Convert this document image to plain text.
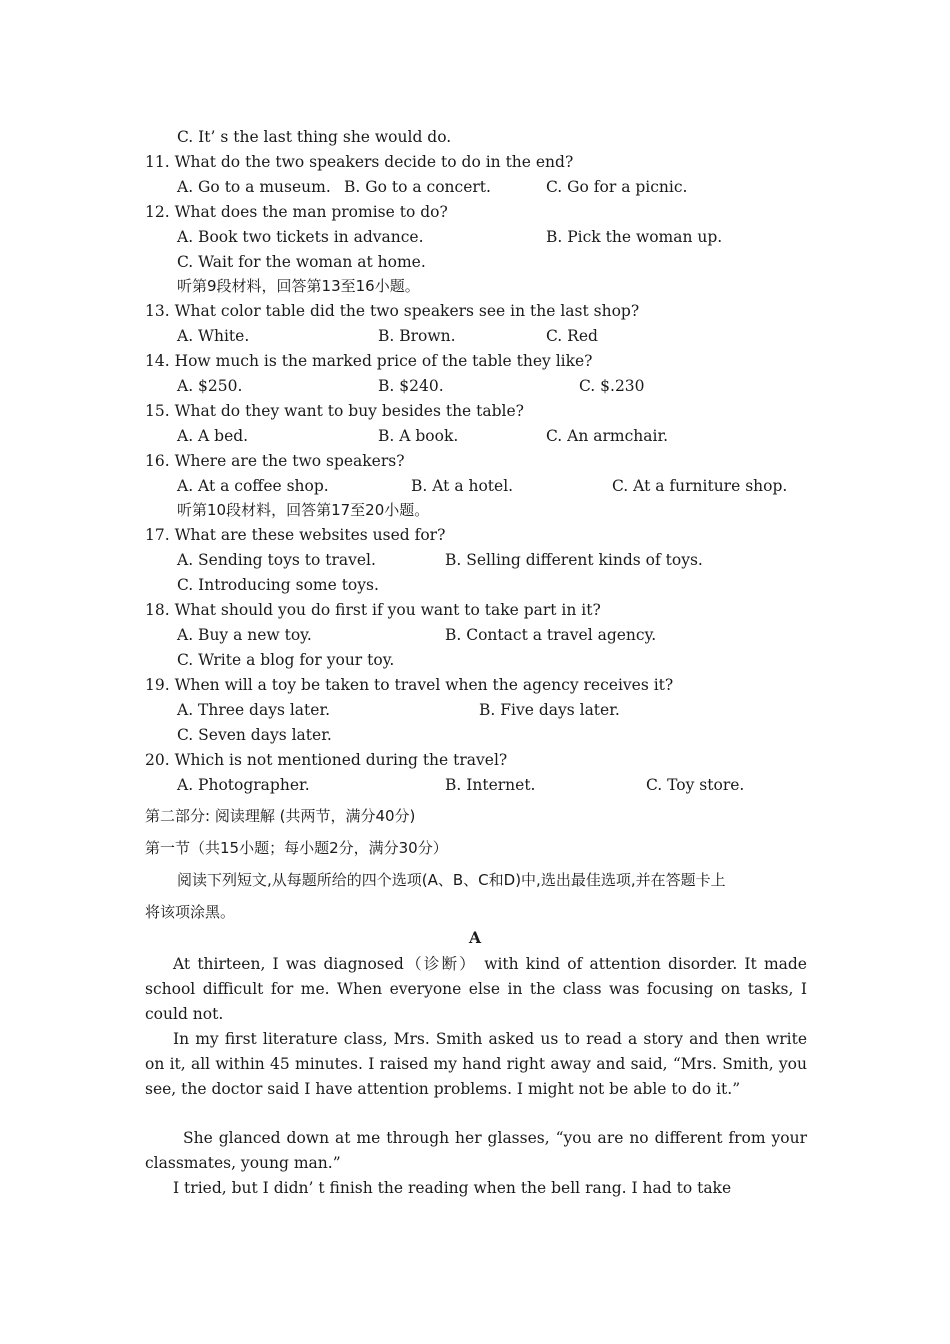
C. It’ s the last thing she would do.
11. What do the two speakers decide to do in the end?
A. Go to a museum. B. Go to a concert.	C. Go for a picnic.
12. What does the man promise to do?
A. Book two tickets in advance.	B. Pick the woman up.
C. Wait for the woman at home.
听第9段材料，回答第13至16小题。
13. What color table did the two speakers see in the last shop?
A. White.	B. Brown.	C. Red
14. How much is the marked price of the table they like?
A. $250.	B. $240.	C. $.230
15. What do they want to buy besides the table?
A. A bed.	B. A book.	C. An armchair.
16. Where are the two speakers?
A. At a coffee shop.	B. At a hotel.	C. At a furniture shop.
听第10段材料，回答第17至20小题。
17. What are these websites used for?
A. Sending toys to travel.	B. Selling different kinds of toys.
C. Introducing some toys.
18. What should you do first if you want to take part in it?
A. Buy a new toy.	B. Contact a travel agency.
C. Write a blog for your toy.
19. When will a toy be taken to travel when the agency receives it?
A. Three days later.	B. Five days later.
C. Seven days later.
20. Which is not mentioned during the travel?
A. Photographer.	B. Internet.	C. Toy store.
第二部分: 阅读理解 (共两节，满分40分)
第一节（共15小题；每小题2分，满分30分）
阅读下列短文,从每题所给的四个选项(A、B、C和D)中,选出最佳选项,并在答题卡上
将该项涂黑。
A

At thirteen, I was diagnosed（诊断） with kind of attention disorder. It made school difficult for me. When everyone else in the class was focusing on tasks, I could not.

In my first literature class, Mrs. Smith asked us to read a story and then write on it, all within 45 minutes. I raised my hand right away and said, “Mrs. Smith, you see, the doctor said I have attention problems. I might not be able to do it.”

She glanced down at me through her glasses, “you are no different from your classmates, young man.”

I tried, but I didn’ t finish the reading when the bell rang. I had to take
